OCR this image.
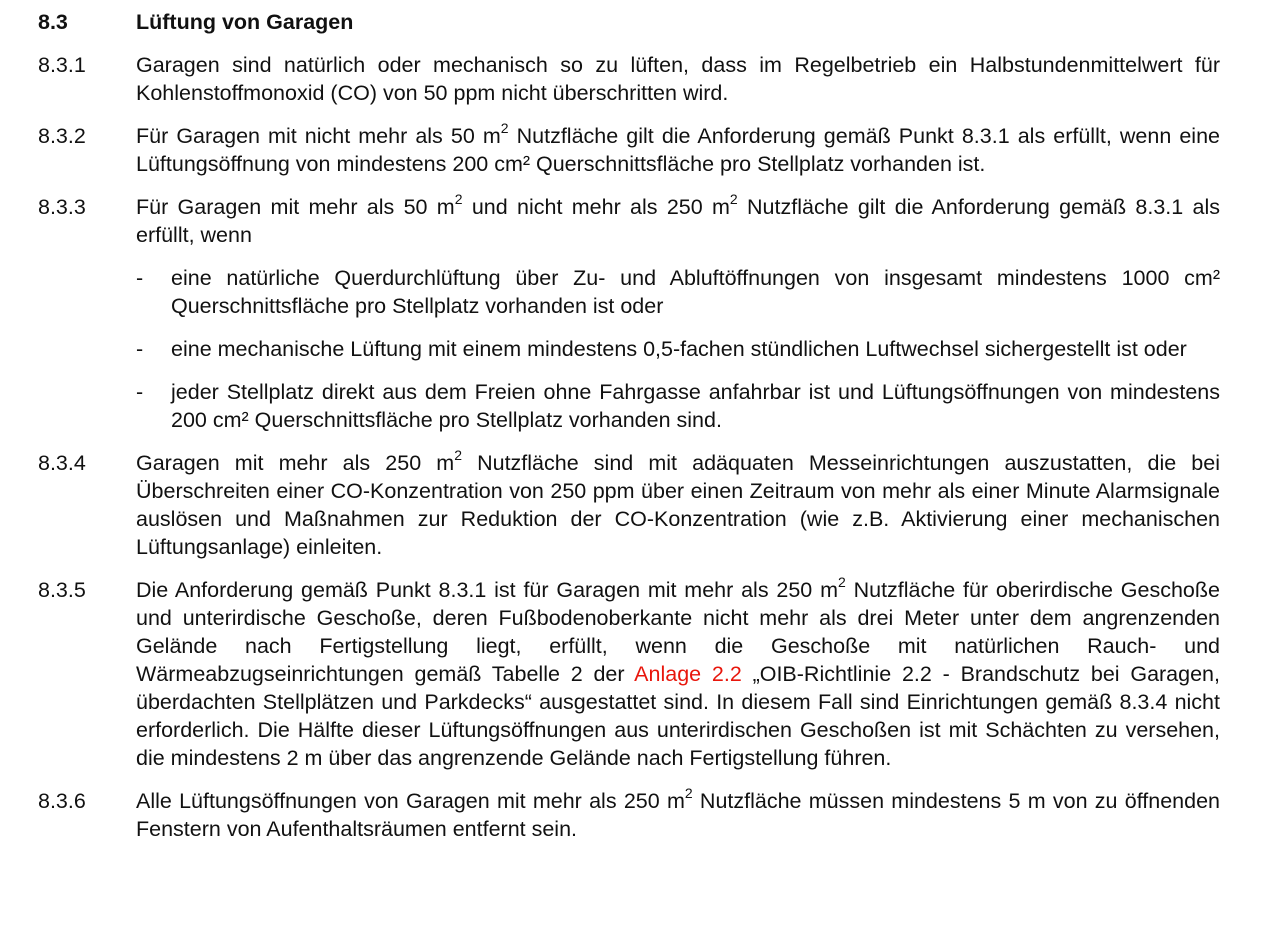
8.3	Lüftung von Garagen
8.3.1	Garagen sind natürlich oder mechanisch so zu lüften, dass im Regelbetrieb ein Halbstundenmittelwert für Kohlenstoffmonoxid (CO) von 50 ppm nicht überschritten wird.
8.3.2	Für Garagen mit nicht mehr als 50 $m^2$ Nutzfläche gilt die Anforderung gemäß Punkt 8.3.1 als erfüllt, wenn eine Lüftungsöffnung von mindestens 200 cm² Querschnittsfläche pro Stellplatz vorhanden ist.
8.3.3	Für Garagen mit mehr als 50 $m^2$ und nicht mehr als 250 $m^2$ Nutzfläche gilt die Anforderung gemäß 8.3.1 als erfüllt, wenn

-	eine natürliche Querdurchlüftung über Zu- und Abluftöffnungen von insgesamt mindestens 1000 cm² Querschnittsfläche pro Stellplatz vorhanden ist oder
-	eine mechanische Lüftung mit einem mindestens 0,5-fachen stündlichen Luftwechsel sichergestellt ist oder
-	jeder Stellplatz direkt aus dem Freien ohne Fahrgasse anfahrbar ist und Lüftungsöffnungen von mindestens 200 cm² Querschnittsfläche pro Stellplatz vorhanden sind.
8.3.4	Garagen mit mehr als 250 $m^2$ Nutzfläche sind mit adäquaten Messeinrichtungen auszustatten, die bei Überschreiten einer CO-Konzentration von 250 ppm über einen Zeitraum von mehr als einer Minute Alarmsignale auslösen und Maßnahmen zur Reduktion der CO-Konzentration (wie z.B. Aktivierung einer mechanischen Lüftungsanlage) einleiten.
8.3.5	Die Anforderung gemäß Punkt 8.3.1 ist für Garagen mit mehr als 250 $m^2$ Nutzfläche für oberirdische Geschoße und unterirdische Geschoße, deren Fußbodenoberkante nicht mehr als drei Meter unter dem angrenzenden Gelände nach Fertigstellung liegt, erfüllt, wenn die Geschoße mit natürlichen Rauch- und Wärmeabzugseinrichtungen gemäß Tabelle 2 der Anlage 2.2 „OIB-Richtlinie 2.2 - Brandschutz bei Garagen, überdachten Stellplätzen und Parkdecks“ ausgestattet sind. In diesem Fall sind Einrichtungen gemäß 8.3.4 nicht erforderlich. Die Hälfte dieser Lüftungsöffnungen aus unterirdischen Geschoßen ist mit Schächten zu versehen, die mindestens 2 m über das angrenzende Gelände nach Fertigstellung führen.
8.3.6	Alle Lüftungsöffnungen von Garagen mit mehr als 250 $m^2$ Nutzfläche müssen mindestens 5 m von zu öffnenden Fenstern von Aufenthaltsräumen entfernt sein.
